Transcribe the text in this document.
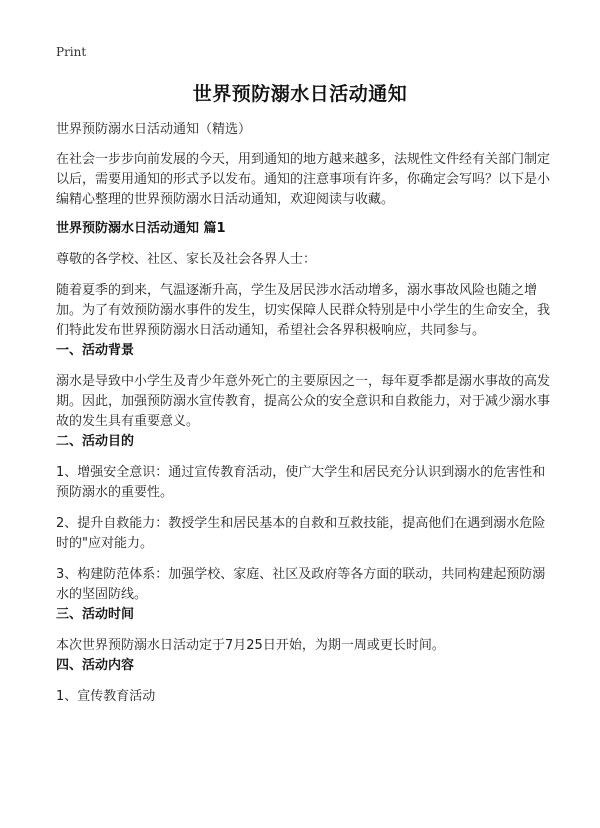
Print
世界预防溺水日活动通知

世界预防溺水日活动通知（精选）

在社会一步步向前发展的今天，用到通知的地方越来越多，法规性文件经有关部门制定以后，需要用通知的形式予以发布。通知的注意事项有许多，你确定会写吗？以下是小编精心整理的世界预防溺水日活动通知，欢迎阅读与收藏。

世界预防溺水日活动通知 篇1

尊敬的各学校、社区、家长及社会各界人士：

随着夏季的到来，气温逐渐升高，学生及居民涉水活动增多，溺水事故风险也随之增加。为了有效预防溺水事件的发生，切实保障人民群众特别是中小学生的生命安全，我们特此发布世界预防溺水日活动通知，希望社会各界积极响应，共同参与。

一、活动背景

溺水是导致中小学生及青少年意外死亡的主要原因之一，每年夏季都是溺水事故的高发期。因此，加强预防溺水宣传教育，提高公众的安全意识和自救能力，对于减少溺水事故的发生具有重要意义。

二、活动目的

1、增强安全意识：通过宣传教育活动，使广大学生和居民充分认识到溺水的危害性和预防溺水的重要性。

2、提升自救能力：教授学生和居民基本的自救和互救技能，提高他们在遇到溺水危险时的"应对能力。

3、构建防范体系：加强学校、家庭、社区及政府等各方面的联动，共同构建起预防溺水的坚固防线。

三、活动时间

本次世界预防溺水日活动定于7月25日开始，为期一周或更长时间。

四、活动内容

1、宣传教育活动
